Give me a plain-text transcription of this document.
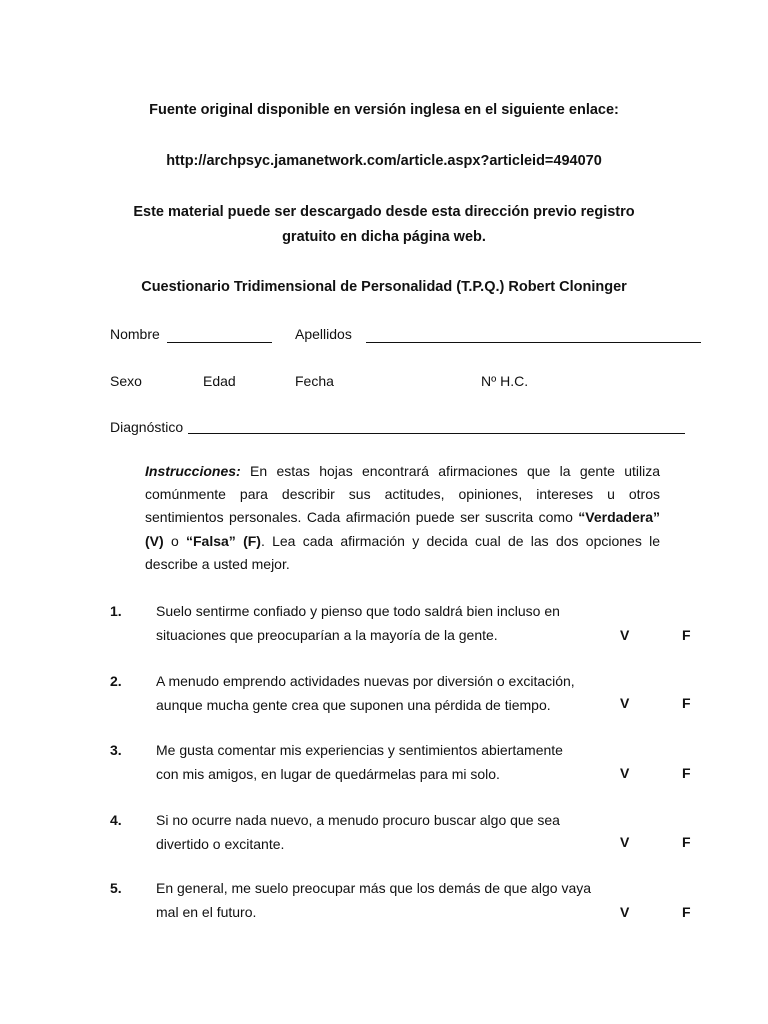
Fuente original disponible en versión inglesa en el siguiente enlace:
http://archpsyc.jamanetwork.com/article.aspx?articleid=494070
Este material puede ser descargado desde esta dirección previo registro
gratuito en dicha página web.
Cuestionario Tridimensional de Personalidad (T.P.Q.) Robert Cloninger
Nombre	Apellidos
Sexo	Edad	Fecha	Nº H.C.
Diagnóstico
Instrucciones: En estas hojas encontrará afirmaciones que la gente utiliza comúnmente para describir sus actitudes, opiniones, intereses u otros sentimientos personales. Cada afirmación puede ser suscrita como “Verdadera” (V) o “Falsa” (F). Lea cada afirmación y decida cual de las dos opciones le describe a usted mejor.
1. Suelo sentirme confiado y pienso que todo saldrá bien incluso en
situaciones que preocuparían a la mayoría de la gente.	V	F
2. A menudo emprendo actividades nuevas por diversión o excitación,
aunque mucha gente crea que suponen una pérdida de tiempo.	V	F
3. Me gusta comentar mis experiencias y sentimientos abiertamente
con mis amigos, en lugar de quedármelas para mi solo.	V	F
4. Si no ocurre nada nuevo, a menudo procuro buscar algo que sea
divertido o excitante.	V	F
5. En general, me suelo preocupar más que los demás de que algo vaya
mal en el futuro.	V	F
